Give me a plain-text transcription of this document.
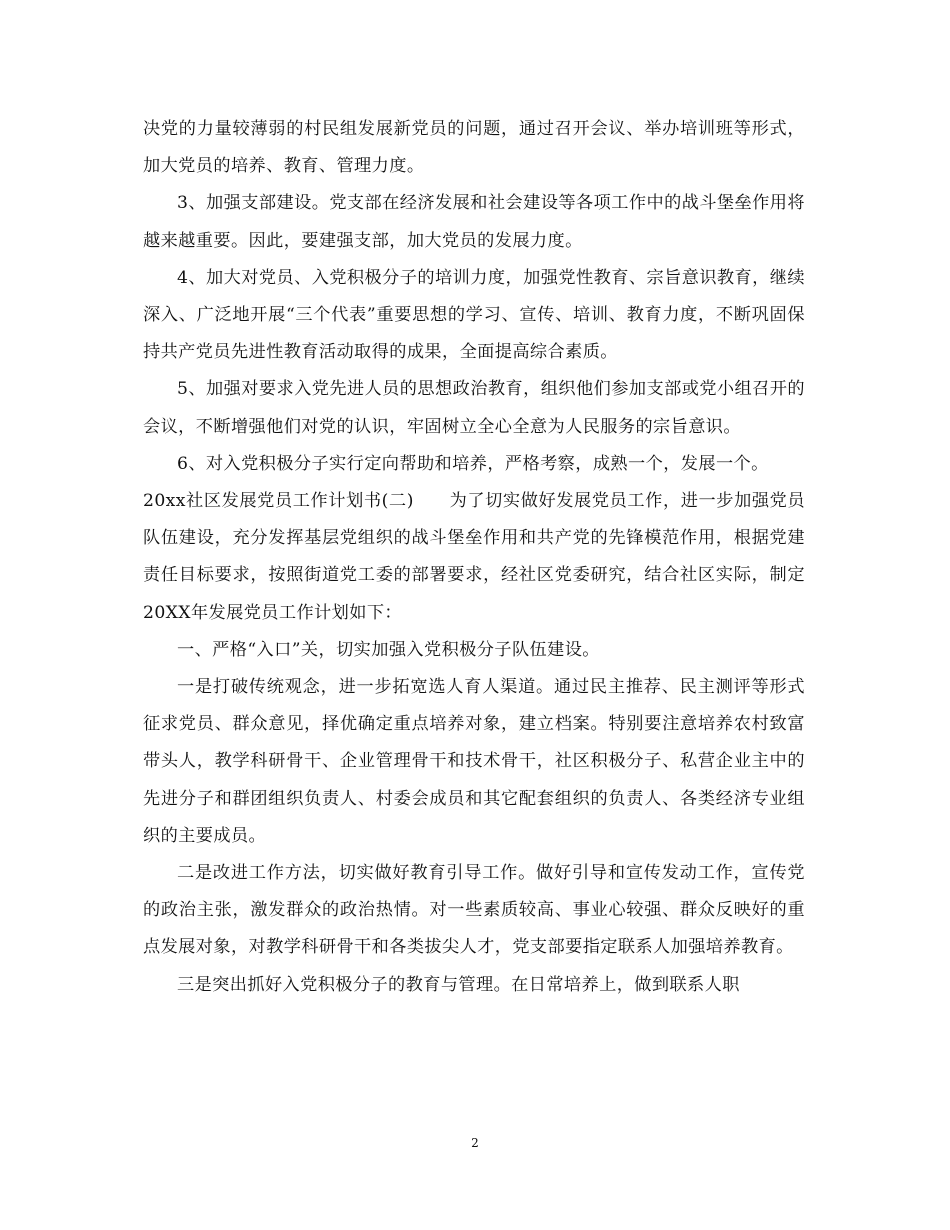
决党的力量较薄弱的村民组发展新党员的问题，通过召开会议、举办培训班等形式，加大党员的培养、教育、管理力度。

3、加强支部建设。党支部在经济发展和社会建设等各项工作中的战斗堡垒作用将越来越重要。因此，要建强支部，加大党员的发展力度。

4、加大对党员、入党积极分子的培训力度，加强党性教育、宗旨意识教育，继续深入、广泛地开展“三个代表”重要思想的学习、宣传、培训、教育力度，不断巩固保持共产党员先进性教育活动取得的成果，全面提高综合素质。

5、加强对要求入党先进人员的思想政治教育，组织他们参加支部或党小组召开的会议，不断增强他们对党的认识，牢固树立全心全意为人民服务的宗旨意识。

6、对入党积极分子实行定向帮助和培养，严格考察，成熟一个，发展一个。

20xx社区发展党员工作计划书(二)　　为了切实做好发展党员工作，进一步加强党员队伍建设，充分发挥基层党组织的战斗堡垒作用和共产党的先锋模范作用，根据党建责任目标要求，按照街道党工委的部署要求，经社区党委研究，结合社区实际，制定20XX年发展党员工作计划如下：

一、严格“入口”关，切实加强入党积极分子队伍建设。

一是打破传统观念，进一步拓宽选人育人渠道。通过民主推荐、民主测评等形式征求党员、群众意见，择优确定重点培养对象，建立档案。特别要注意培养农村致富带头人，教学科研骨干、企业管理骨干和技术骨干，社区积极分子、私营企业主中的先进分子和群团组织负责人、村委会成员和其它配套组织的负责人、各类经济专业组织的主要成员。

二是改进工作方法，切实做好教育引导工作。做好引导和宣传发动工作，宣传党的政治主张，激发群众的政治热情。对一些素质较高、事业心较强、群众反映好的重点发展对象，对教学科研骨干和各类拔尖人才，党支部要指定联系人加强培养教育。

三是突出抓好入党积极分子的教育与管理。在日常培养上，做到联系人职

2
